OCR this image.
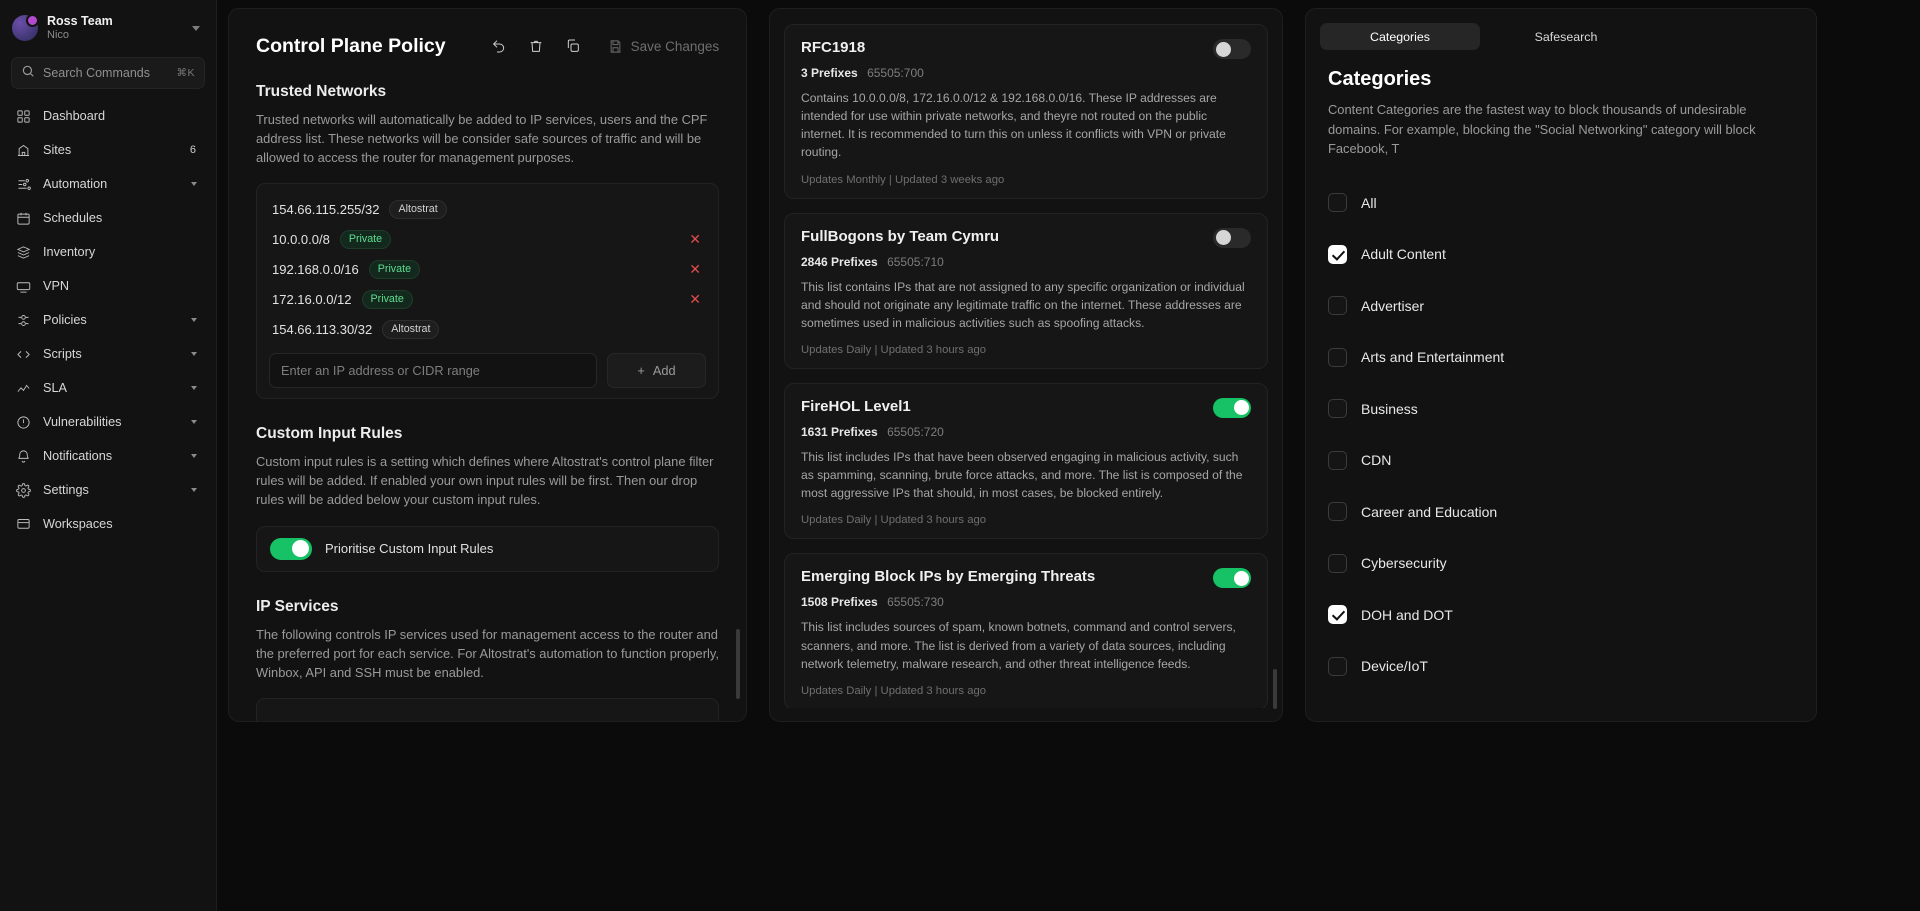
Ross Team
Nico
Search Commands	⌘K
Dashboard
Sites	6
Automation
Schedules
Inventory
VPN
Policies
Scripts
SLA
Vulnerabilities
Notifications
Settings
Workspaces
Control Plane Policy	Save Changes
Trusted Networks
Trusted networks will automatically be added to IP services, users and the CPF address list. These networks will be consider safe sources of traffic and will be allowed to access the router for management purposes.
154.66.115.255/32	Altostrat
10.0.0.0/8	Private	✕
192.168.0.0/16	Private	✕
172.16.0.0/12	Private	✕
154.66.113.30/32	Altostrat
Enter an IP address or CIDR range
+ Add
Custom Input Rules
Custom input rules is a setting which defines where Altostrat's control plane filter rules will be added. If enabled your own input rules will be first. Then our drop rules will be added below your custom input rules.
Prioritise Custom Input Rules
IP Services
The following controls IP services used for management access to the router and the preferred port for each service. For Altostrat's automation to function properly, Winbox, API and SSH must be enabled.
RFC1918
3 Prefixes 65505:700
Contains 10.0.0.0/8, 172.16.0.0/12 & 192.168.0.0/16. These IP addresses are intended for use within private networks, and theyre not routed on the public internet. It is recommended to turn this on unless it conflicts with VPN or private routing.
Updates Monthly | Updated 3 weeks ago
FullBogons by Team Cymru
2846 Prefixes 65505:710
This list contains IPs that are not assigned to any specific organization or individual and should not originate any legitimate traffic on the internet. These addresses are sometimes used in malicious activities such as spoofing attacks.
Updates Daily | Updated 3 hours ago
FireHOL Level1
1631 Prefixes 65505:720
This list includes IPs that have been observed engaging in malicious activity, such as spamming, scanning, brute force attacks, and more. The list is composed of the most aggressive IPs that should, in most cases, be blocked entirely.
Updates Daily | Updated 3 hours ago
Emerging Block IPs by Emerging Threats
1508 Prefixes 65505:730
This list includes sources of spam, known botnets, command and control servers, scanners, and more. The list is derived from a variety of data sources, including network telemetry, malware research, and other threat intelligence feeds.
Updates Daily | Updated 3 hours ago
Categories	Safesearch
Categories
Content Categories are the fastest way to block thousands of undesirable domains. For example, blocking the "Social Networking" category will block Facebook, T
All
Adult Content
Advertiser
Arts and Entertainment
Business
CDN
Career and Education
Cybersecurity
DOH and DOT
Device/IoT
